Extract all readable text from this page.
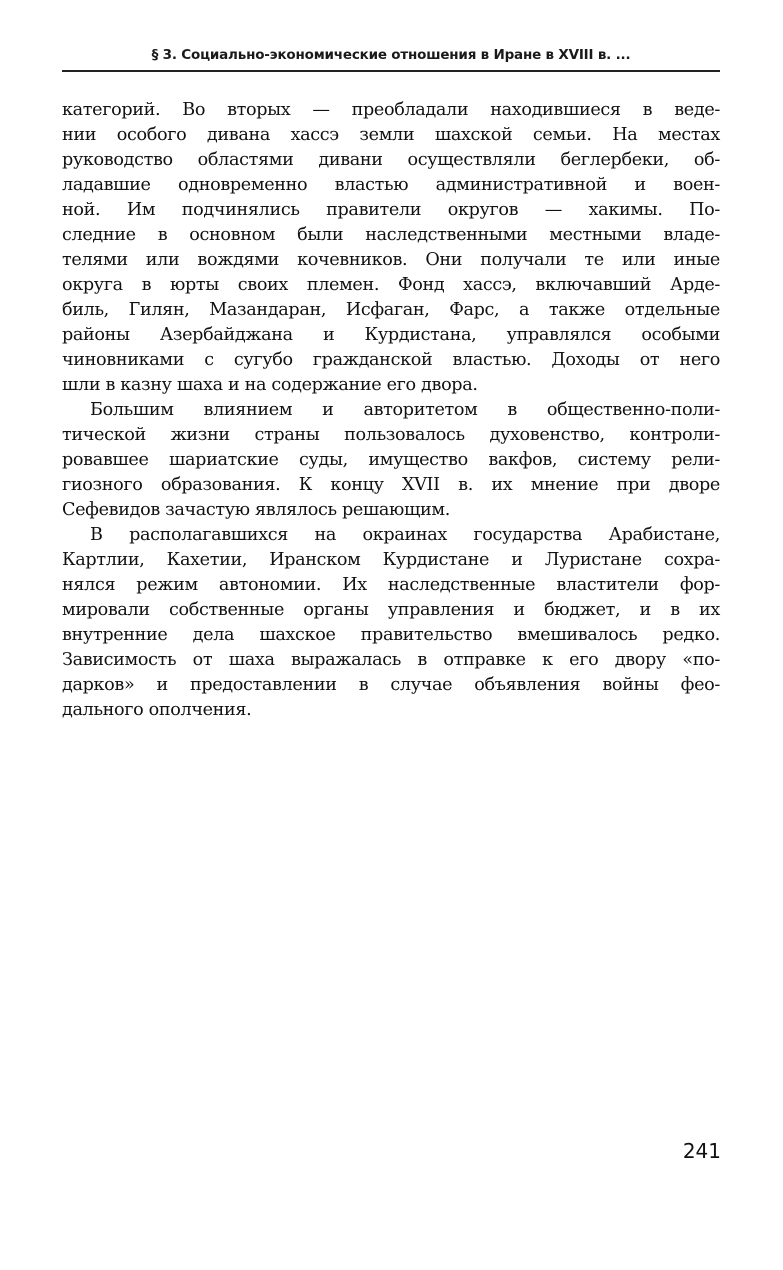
§ 3. Социально-экономические отношения в Иране в XVIII в. ...
категорий. Во вторых — преобладали находившиеся в веде-
нии особого дивана хассэ земли шахской семьи. На местах
руководство областями дивани осуществляли беглербеки, об-
ладавшие одновременно властью административной и воен-
ной. Им подчинялись правители округов — хакимы. По-
следние в основном были наследственными местными владе-
телями или вождями кочевников. Они получали те или иные
округа в юрты своих племен. Фонд хассэ, включавший Арде-
биль, Гилян, Мазандаран, Исфаган, Фарс, а также отдельные
районы Азербайджана и Курдистана, управлялся особыми
чиновниками с сугубо гражданской властью. Доходы от него
шли в казну шаха и на содержание его двора.
Большим влиянием и авторитетом в общественно-поли-
тической жизни страны пользовалось духовенство, контроли-
ровавшее шариатские суды, имущество вакфов, систему рели-
гиозного образования. К концу XVII в. их мнение при дворе
Сефевидов зачастую являлось решающим.
В располагавшихся на окраинах государства Арабистане,
Картлии, Кахетии, Иранском Курдистане и Луристане сохра-
нялся режим автономии. Их наследственные властители фор-
мировали собственные органы управления и бюджет, и в их
внутренние дела шахское правительство вмешивалось редко.
Зависимость от шаха выражалась в отправке к его двору «по-
дарков» и предоставлении в случае объявления войны фео-
дального ополчения.
241
